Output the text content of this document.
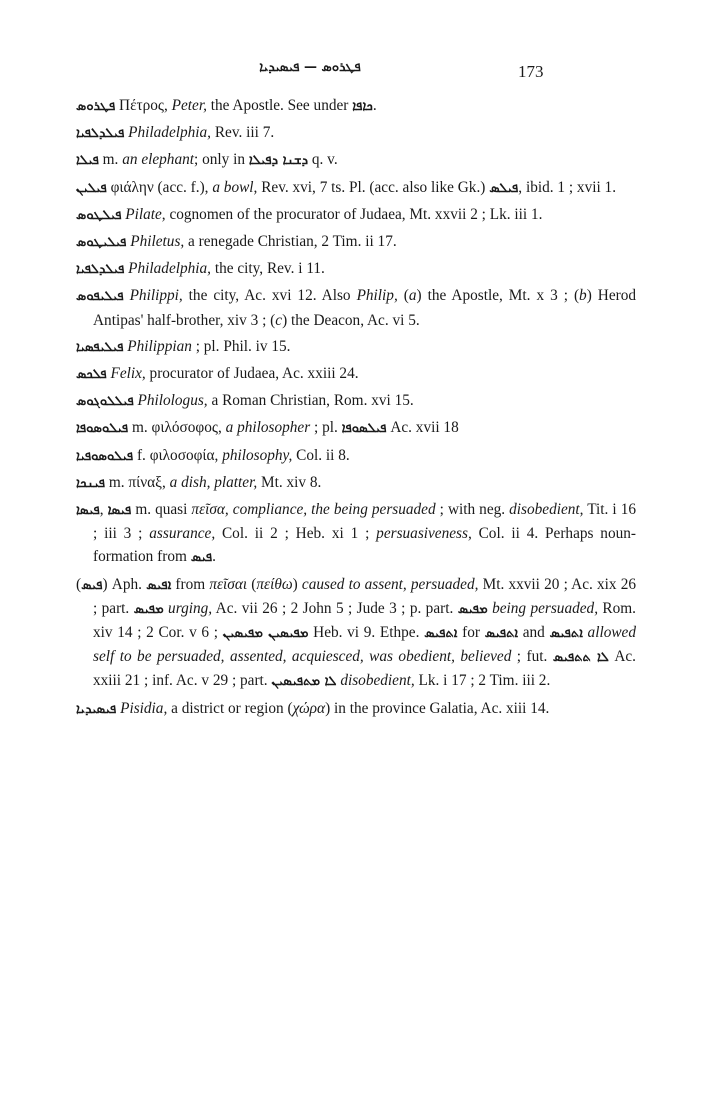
ܦܛܪܘܣ — ܦܝܣܝܕܝܐ	173

ܦܛܪܘܣ Πέτρος, Peter, the Apostle. See under ܟܐܦܐ.

ܦܝܠܕܠܦܝܐ Philadelphia, Rev. iii 7.

ܦܝܠܐ m. an elephant; only in ܕܫܢܐ ܕܦܝܠܐ q. v.

ܦܝܠܝܢ φιάλην (acc. f.), a bowl, Rev. xvi, 7 ts. Pl. (acc. also like Gk.) ܦܝܠܣ, ibid. 1 ; xvii 1.

ܦܝܠܛܘܣ Pilate, cognomen of the procurator of Judaea, Mt. xxvii 2 ; Lk. iii 1.

ܦܝܠܝܛܘܣ Philetus, a renegade Christian, 2 Tim. ii 17.

ܦܝܠܕܠܦܝܐ Philadelphia, the city, Rev. i 11.

ܦܝܠܝܦܘܣ Philippi, the city, Ac. xvi 12. Also Philip, (a) the Apostle, Mt. x 3 ; (b) Herod Antipas' half-brother, xiv 3 ; (c) the Deacon, Ac. vi 5.

ܦܝܠܝܦܣܝܐ Philippian ; pl. Phil. iv 15.

ܦܠܟܣ Felix, procurator of Judaea, Ac. xxiii 24.

ܦܝܠܠܘܓܘܣ Philologus, a Roman Christian, Rom. xvi 15.

ܦܝܠܘܣܘܦܐ m. φιλόσοφος, a philosopher ; pl. ܦܝܠܣܘܦܐ Ac. xvii 18

ܦܝܠܘܣܘܦܝܐ f. φιλοσοφία, philosophy, Col. ii 8.

ܦܝܢܟܐ m. πίναξ, a dish, platter, Mt. xiv 8.

ܦܝܣܐ, ܦܝܣܐ m. quasi πεῖσα, compliance, the being persuaded ; with neg. disobedient, Tit. i 16 ; iii 3 ; assurance, Col. ii 2 ; Heb. xi 1 ; persuasiveness, Col. ii 4. Perhaps noun-formation from ܦܝܣ.

(ܦܝܣ) Aph. ܐܦܝܣ from πεῖσαι (πείθω) caused to assent, persuaded, Mt. xxvii 20 ; Ac. xix 26 ; part. ܡܦܝܣ urging, Ac. vii 26 ; 2 John 5 ; Jude 3 ; p. part. ܡܦܝܣ being persuaded, Rom. xiv 14 ; 2 Cor. v 6 ; ܡܦܝܣܝܢ ܡܦܝܣܝܢ Heb. vi 9. Ethpe. ܐܬܦܝܣ for ܐܬܦܝܣ and ܐܬܦܝܣ allowed self to be persuaded, assented, acquiesced, was obedient, believed ; fut. ܠܐ ܬܬܦܝܣ Ac. xxiii 21 ; inf. Ac. v 29 ; part. ܠܐ ܡܬܦܝܣܝܢ disobedient, Lk. i 17 ; 2 Tim. iii 2.

ܦܝܣܝܕܝܐ Pisidia, a district or region (χώρα) in the province Galatia, Ac. xiii 14.
